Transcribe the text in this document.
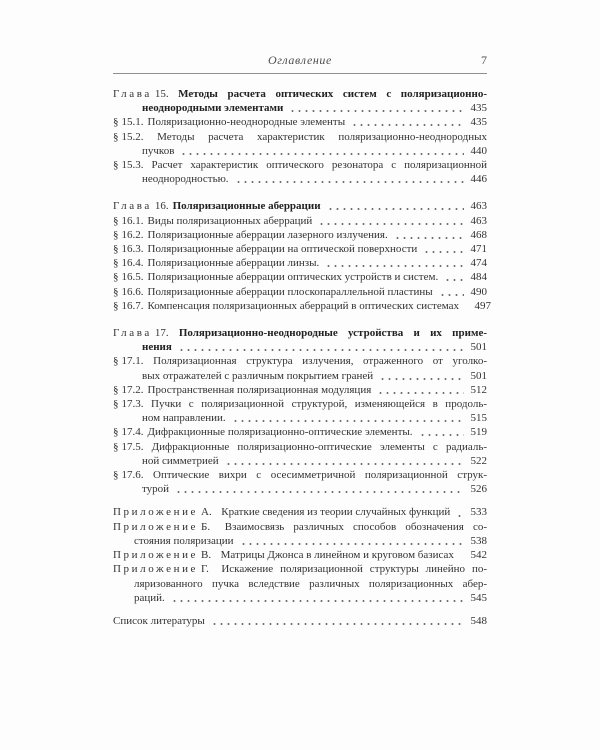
Оглавление	7
Глава 15. Методы расчета оптических систем с поляризационно-
неоднородными элементами	435
§ 15.1. Поляризационно-неоднородные элементы	435
§ 15.2. Методы расчета характеристик поляризационно-неоднородных
пучков	440
§ 15.3. Расчет характеристик оптического резонатора с поляризационной
неоднородностью.	446
Глава 16. Поляризационные аберрации	463
§ 16.1. Виды поляризационных аберраций	463
§ 16.2. Поляризационные аберрации лазерного излучения.	468
§ 16.3. Поляризационные аберрации на оптической поверхности	471
§ 16.4. Поляризационные аберрации линзы.	474
§ 16.5. Поляризационные аберрации оптических устройств и систем.	484
§ 16.6. Поляризационные аберрации плоскопараллельной пластины	490
§ 16.7. Компенсация поляризационных аберраций в оптических системах 497
Глава 17. Поляризационно-неоднородные устройства и их приме-
нения	501
§ 17.1. Поляризационная структура излучения, отраженного от уголко-
вых отражателей с различным покрытием граней	501
§ 17.2. Пространственная поляризационная модуляция	512
§ 17.3. Пучки с поляризационной структурой, изменяющейся в продоль-
ном направлении.	515
§ 17.4. Дифракционные поляризационно-оптические элементы.	519
§ 17.5. Дифракционные поляризационно-оптические элементы с радиаль-
ной симметрией	522
§ 17.6. Оптические вихри с осесимметричной поляризационной струк-
турой	526
Приложение А.  Краткие сведения из теории случайных функций 533
Приложение Б.  Взаимосвязь различных способов обозначения со-
стояния поляризации	538
Приложение В.  Матрицы Джонса в линейном и круговом базисах 542
Приложение Г.  Искажение поляризационной структуры линейно по-
ляризованного пучка вследствие различных поляризационных абер-
раций.	545
Список литературы	548
